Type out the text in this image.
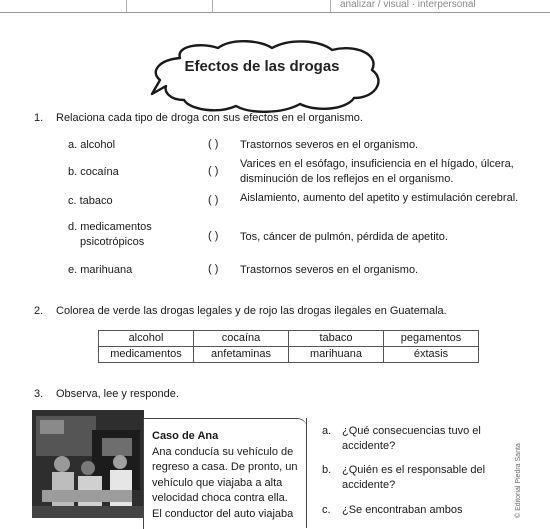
analizar / visual · interpersonal
Efectos de las drogas
1. Relaciona cada tipo de droga con sus efectos en el organismo.
a. alcohol	( ) Trastornos severos en el organismo.
b. cocaína	( )
Varices en el esófago, insuficiencia en el hígado, úlcera, disminución de los reflejos en el organismo.
c. tabaco	( ) Aislamiento, aumento del apetito y estimulación cerebral.
d. medicamentos
psicotrópicos	( ) Tos, cáncer de pulmón, pérdida de apetito.
e. marihuana	( ) Trastornos severos en el organismo.
2. Colorea de verde las drogas legales y de rojo las drogas ilegales en Guatemala.
alcohol	cocaína	tabaco	pegamentos
medicamentos	anfetaminas	marihuana	éxtasis
3. Observa, lee y responde.
Caso de Ana
Ana conducía su vehículo de regreso a casa. De pronto, un vehículo que viajaba a alta velocidad choca contra ella. El conductor del auto viajaba
a. ¿Qué consecuencias tuvo el accidente?
b. ¿Quién es el responsable del accidente?
c. ¿Se encontraban ambos	© Editorial Piedra Santa
